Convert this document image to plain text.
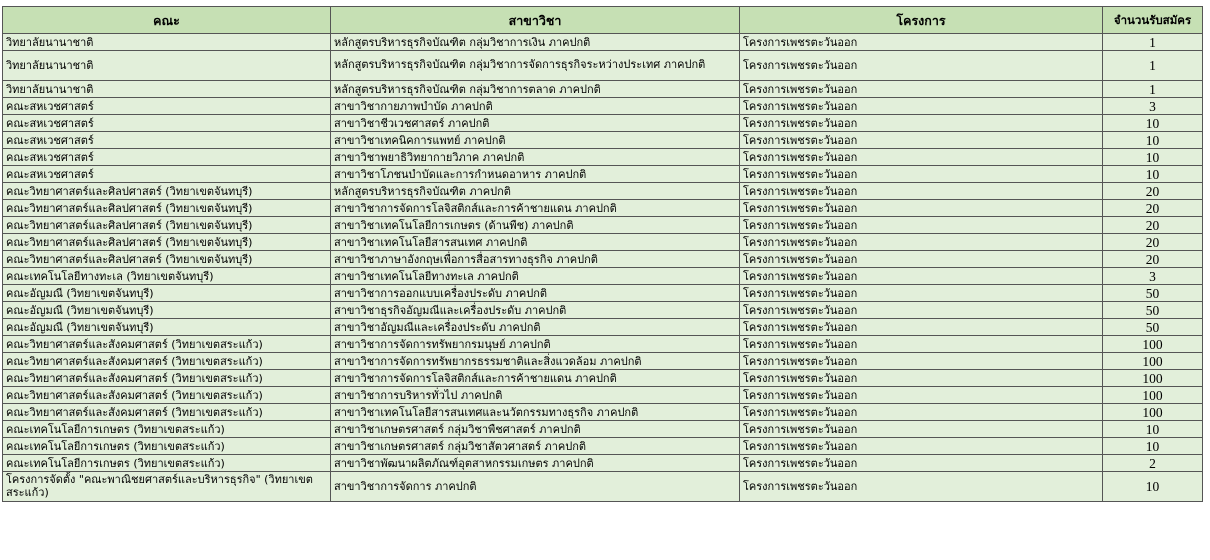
คณะ	สาขาวิชา	โครงการ	จำนวนรับสมัคร
วิทยาลัยนานาชาติ	หลักสูตรบริหารธุรกิจบัณฑิต กลุ่มวิชาการเงิน ภาคปกติ	โครงการเพชรตะวันออก	1
วิทยาลัยนานาชาติ	หลักสูตรบริหารธุรกิจบัณฑิต กลุ่มวิชาการจัดการธุรกิจระหว่างประเทศ ภาคปกติ	โครงการเพชรตะวันออก	1
วิทยาลัยนานาชาติ	หลักสูตรบริหารธุรกิจบัณฑิต กลุ่มวิชาการตลาด ภาคปกติ	โครงการเพชรตะวันออก	1
คณะสหเวชศาสตร์	สาขาวิชากายภาพบำบัด ภาคปกติ	โครงการเพชรตะวันออก	3
คณะสหเวชศาสตร์	สาขาวิชาชีวเวชศาสตร์ ภาคปกติ	โครงการเพชรตะวันออก	10
คณะสหเวชศาสตร์	สาขาวิชาเทคนิคการแพทย์ ภาคปกติ	โครงการเพชรตะวันออก	10
คณะสหเวชศาสตร์	สาขาวิชาพยาธิวิทยากายวิภาค ภาคปกติ	โครงการเพชรตะวันออก	10
คณะสหเวชศาสตร์	สาขาวิชาโภชนบำบัดและการกำหนดอาหาร ภาคปกติ	โครงการเพชรตะวันออก	10
คณะวิทยาศาสตร์และศิลปศาสตร์ (วิทยาเขตจันทบุรี)	หลักสูตรบริหารธุรกิจบัณฑิต ภาคปกติ	โครงการเพชรตะวันออก	20
คณะวิทยาศาสตร์และศิลปศาสตร์ (วิทยาเขตจันทบุรี)	สาขาวิชาการจัดการโลจิสติกส์และการค้าชายแดน ภาคปกติ	โครงการเพชรตะวันออก	20
คณะวิทยาศาสตร์และศิลปศาสตร์ (วิทยาเขตจันทบุรี)	สาขาวิชาเทคโนโลยีการเกษตร (ด้านพืช) ภาคปกติ	โครงการเพชรตะวันออก	20
คณะวิทยาศาสตร์และศิลปศาสตร์ (วิทยาเขตจันทบุรี)	สาขาวิชาเทคโนโลยีสารสนเทศ ภาคปกติ	โครงการเพชรตะวันออก	20
คณะวิทยาศาสตร์และศิลปศาสตร์ (วิทยาเขตจันทบุรี)	สาขาวิชาภาษาอังกฤษเพื่อการสื่อสารทางธุรกิจ ภาคปกติ	โครงการเพชรตะวันออก	20
คณะเทคโนโลยีทางทะเล (วิทยาเขตจันทบุรี)	สาขาวิชาเทคโนโลยีทางทะเล ภาคปกติ	โครงการเพชรตะวันออก	3
คณะอัญมณี (วิทยาเขตจันทบุรี)	สาขาวิชาการออกแบบเครื่องประดับ ภาคปกติ	โครงการเพชรตะวันออก	50
คณะอัญมณี (วิทยาเขตจันทบุรี)	สาขาวิชาธุรกิจอัญมณีและเครื่องประดับ ภาคปกติ	โครงการเพชรตะวันออก	50
คณะอัญมณี (วิทยาเขตจันทบุรี)	สาขาวิชาอัญมณีและเครื่องประดับ ภาคปกติ	โครงการเพชรตะวันออก	50
คณะวิทยาศาสตร์และสังคมศาสตร์ (วิทยาเขตสระแก้ว)	สาขาวิชาการจัดการทรัพยากรมนุษย์ ภาคปกติ	โครงการเพชรตะวันออก	100
คณะวิทยาศาสตร์และสังคมศาสตร์ (วิทยาเขตสระแก้ว)	สาขาวิชาการจัดการทรัพยากรธรรมชาติและสิ่งแวดล้อม ภาคปกติ	โครงการเพชรตะวันออก	100
คณะวิทยาศาสตร์และสังคมศาสตร์ (วิทยาเขตสระแก้ว)	สาขาวิชาการจัดการโลจิสติกส์และการค้าชายแดน ภาคปกติ	โครงการเพชรตะวันออก	100
คณะวิทยาศาสตร์และสังคมศาสตร์ (วิทยาเขตสระแก้ว)	สาขาวิชาการบริหารทั่วไป ภาคปกติ	โครงการเพชรตะวันออก	100
คณะวิทยาศาสตร์และสังคมศาสตร์ (วิทยาเขตสระแก้ว)	สาขาวิชาเทคโนโลยีสารสนเทศและนวัตกรรมทางธุรกิจ ภาคปกติ	โครงการเพชรตะวันออก	100
คณะเทคโนโลยีการเกษตร (วิทยาเขตสระแก้ว)	สาขาวิชาเกษตรศาสตร์ กลุ่มวิชาพืชศาสตร์ ภาคปกติ	โครงการเพชรตะวันออก	10
คณะเทคโนโลยีการเกษตร (วิทยาเขตสระแก้ว)	สาขาวิชาเกษตรศาสตร์ กลุ่มวิชาสัตวศาสตร์ ภาคปกติ	โครงการเพชรตะวันออก	10
คณะเทคโนโลยีการเกษตร (วิทยาเขตสระแก้ว)	สาขาวิชาพัฒนาผลิตภัณฑ์อุตสาหกรรมเกษตร ภาคปกติ	โครงการเพชรตะวันออก	2
โครงการจัดตั้ง "คณะพาณิชยศาสตร์และบริหารธุรกิจ" (วิทยาเขตสระแก้ว)	สาขาวิชาการจัดการ ภาคปกติ	โครงการเพชรตะวันออก	10
